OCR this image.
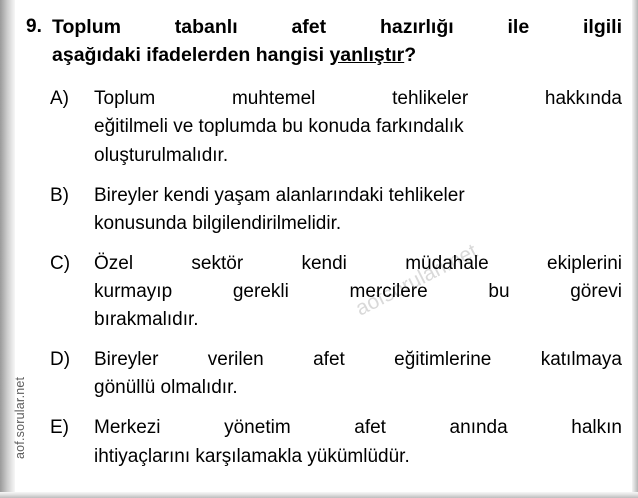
aof.sorular.net
aofsorulari.net
9. Toplum tabanlı afet hazırlığı ile ilgili
aşağıdaki ifadelerden hangisi yanlıştır?
A)	Toplum muhtemel tehlikeler hakkında
eğitilmeli ve toplumda bu konuda farkındalık
oluşturulmalıdır.
B)	Bireyler kendi yaşam alanlarındaki tehlikeler
konusunda bilgilendirilmelidir.
C)	Özel sektör kendi müdahale ekiplerini
kurmayıp gerekli mercilere bu görevi
bırakmalıdır.
D)	Bireyler verilen afet eğitimlerine katılmaya
gönüllü olmalıdır.
E)	Merkezi yönetim afet anında halkın
ihtiyaçlarını karşılamakla yükümlüdür.
